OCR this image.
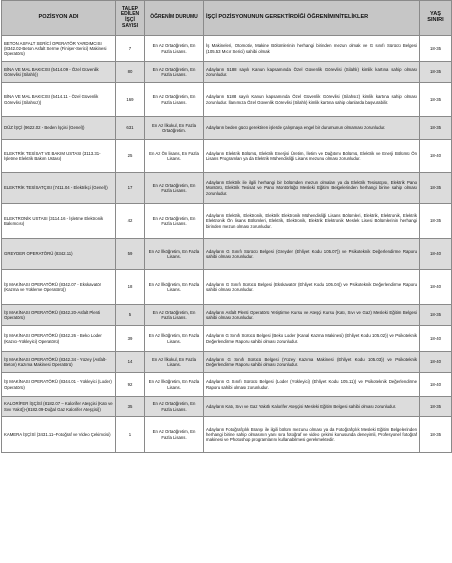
POZİSYON ADI	TALEP EDİLEN İŞÇİ SAYISI	ÖĞRENİM DURUMU	İŞÇİ POZİSYONUNUN GEREKTİRDİĞİ ÖĞRENİM/NİTELİKLER	YAŞ SINIRI
BETON ASFALT SERİCİ OPERATÖR YARDIMCISI (8342.02-Beton Asfalt Serme (Finişer-Serici) Makinesi Operatörü)	7	En Az Ortaöğretim, En Fazla Lisans.	İş Makineleri, Otomotiv, Makine Bölümlerinin herhangi birinden mezun olmak ve G sınıfı Sürücü Belgesi (105.53 Mıcır Serici) sahibi olmak	18-35
BİNA VE MAL BAKICISI (5414.09 - Özel Güvenlik Görevlisi (Silahlı))	80	En Az Ortaöğretim, En Fazla Lisans.	Adayların 5188 sayılı Kanun kapsamında Özel Güvenlik Görevlisi (Silahlı) kimlik kartına sahip olması zorunludur.	18-35
BİNA VE MAL BAKICISI (5414.11 - Özel Güvenlik Görevlisi (Silahsız))	169	En Az Ortaöğretim, En Fazla Lisans.	Adayların 5188 sayılı Kanun kapsamında Özel Güvenlik Görevlisi (Silahsız) kimlik kartına sahip olması zorunludur. İlanımıza Özel Güvenlik Görevlisi (Silahlı) kimlik kartına sahip olanlarda başvurabilir.	18-35
DÜZ İŞÇİ (9622.02 - Beden İşçisi (Genel))	631	En Az İlkokul, En Fazla Ortaöğretim.	Adayların beden gücü gerektiren işlerde çalışmaya engel bir durumunun olmaması zorunludur.	18-35
ELEKTRİK TESİSAT VE BAKIM USTASI (3113.31-İşletme Elektrik Bakım Ustası)	25	En Az Ön lisans, En Fazla Lisans.	Adayların Elektrik Bölümü, Elektrik Enerjisi Üretim, İletim ve Dağıtımı Bölümü, Elektrik ve Enerji Bölümü Ön Lisans Programları ya da Elektrik Mühendisliği Lisans mezunu olması zorunludur.	18-40
ELEKTRİK TESİSATÇISI (7411.04 - Elektrikçi (Genel))	17	En Az Ortaöğretim, En Fazla Lisans.	Adayların Elektrik ile ilgili herhangi bir bölümden mezun olmaları ya da Elektrik Tesisatçısı, Elektrik Pano Montörü, Elektrik Tesisat ve Pano Montörlüğü Mesleki Eğitim Belgelerinden herhangi birine sahip olması zorunludur.	18-35
ELEKTRONİK USTASI (3114.16 - İşletme Elektronik Bakımcısı)	42	En Az Ortaöğretim, En Fazla Lisans.	Adayların Elektrik, Elektronik, Elektrik Elektronik Mühendisliği Lisans Bölümleri, Elektrik, Elektronik, Elektrik Elektronik Ön lisans Bölümleri, Elektrik, Elektronik, Elektrik Elektronik Meslek Lisesi Bölümlerinin herhangi birinden mezun olması zorunludur.	18-35
GREYDER OPERATÖRÜ (8342.11)	59	En Az İlköğretim, En Fazla Lisans.	Adayların G Sınıfı Sürücü Belgesi (Greyder (Ehliyet Kodu 105.07)) ve Psikoteknik Değerlendirme Raporu sahibi olması zorunludur.	18-40
İŞ MAKİNASI OPERATÖRÜ (8342.07 - Ekskavatör (Kazma ve Yükleme Operatörü))	18	En Az İlköğretim, En Fazla Lisans.	Adayların G Sınıfı Sürücü Belgesi (Ekskavatör (Ehliyet Kodu 105.04)) ve Psikoteknik Değerlendirme Raporu sahibi olması zorunludur.	18-40
İŞ MAKİNASI OPERATÖRÜ (8342.20-Asfalt Plenti Operatörü)	5	En Az Ortaöğretim, En Fazla Lisans.	Adayların Asfalt Plenti Operatörü Yetiştirme Kursu ve Ateşçi Kursu (Katı, Sıvı ve Gaz) Mesleki Eğitim Belgesi sahibi olması zorunludur.	18-35
İŞ MAKİNASI OPERATÖRÜ (8342.26 - Beko Loder (Kazıcı-Yükleyici) Operatörü)	39	En Az İlköğretim, En Fazla Lisans.	Adayların G Sınıfı Sürücü Belgesi (Beko Loder (Kanal Kazma Makinesi) (Ehliyet Kodu 105.02)) ve Psikoteknik Değerlendirme Raporu sahibi olması zorunludur.	18-40
İŞ MAKİNASI OPERATÖRÜ (8342.34 - Yüzey (Asfalt-Beton) Kazıma Makinesi Operatörü)	14	En Az İlkokul, En Fazla Lisans.	Adayların G Sınıfı Sürücü Belgesi (Yüzey Kazıma Makinesi (Ehliyet Kodu 105.03)) ve Psikoteknik Değerlendirme Raporu sahibi olması zorunludur.	18-40
İŞ MAKİNASI OPERATÖRÜ (8344.01 - Yükleyici (Loder) Operatörü)	92	En Az İlköğretim, En Fazla Lisans.	Adayların G Sınıfı Sürücü Belgesi (Loder (Yükleyici) (Ehliyet Kodu 105.11)) ve Psikoteknik Değerlendirme Raporu sahibi olması zorunludur.	18-40
KALORİFER İŞÇİSİ (8182.07 – Kalorifer Ateşçisi (Katı ve Sıvı Yakıt))-(8182.09-Doğal Gaz Kalorifer Ateşçisi))	35	En Az Ortaöğretim, En Fazla Lisans.	Adayların Katı, Sıvı ve Gaz Yakıtlı Kalorifer Ateşçisi Mesleki Eğitim Belgesi sahibi olması zorunludur.	18-35
KAMERA İŞÇİSİ (3431.11–Fotoğraf ve Video Çekimcisi)	1	En Az Ortaöğretim, En Fazla Lisans.	Adayların Fotoğrafçılık Branşı ile ilgili bölüm mezunu olması ya da Fotoğrafçılık Mesleki Eğitim Belgelerinden herhangi birine sahip olmasının yanı sıra fotoğraf ve video çekimi konusunda deneyimli, Profesyonel fotoğraf makinesi ve Photoshop programlarını kullanabilmesi gerekmektedir.	18-35
